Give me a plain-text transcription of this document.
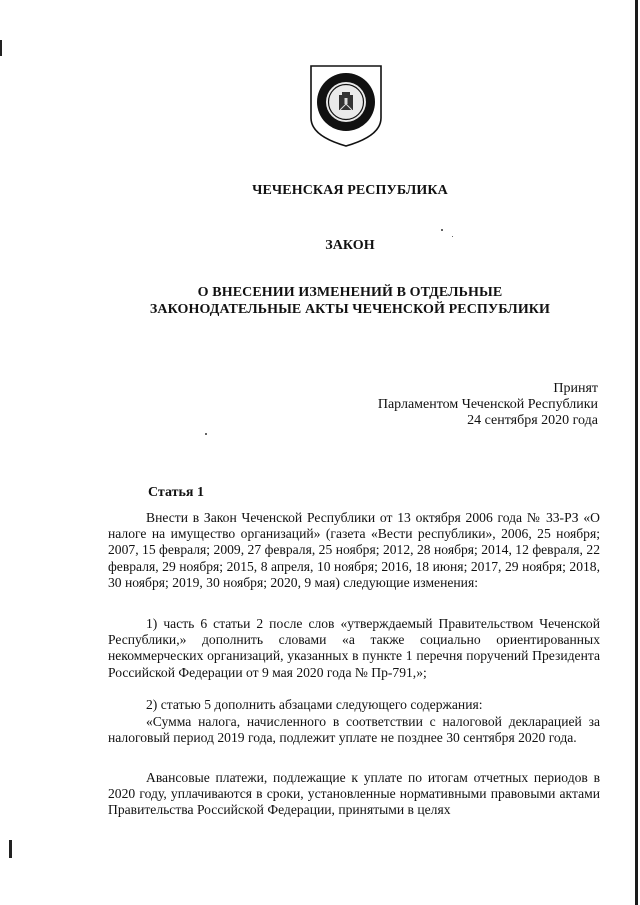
ЧЕЧЕНСКАЯ РЕСПУБЛИКА
ЗАКОН
О ВНЕСЕНИИ ИЗМЕНЕНИЙ В ОТДЕЛЬНЫЕ
ЗАКОНОДАТЕЛЬНЫЕ АКТЫ ЧЕЧЕНСКОЙ РЕСПУБЛИКИ
Принят
Парламентом Чеченской Республики
24 сентября 2020 года
Статья 1

Внести в Закон Чеченской Республики от 13 октября 2006 года № 33-РЗ «О налоге на имущество организаций» (газета «Вести республики», 2006, 25 ноября; 2007, 15 февраля; 2009, 27 февраля, 25 ноября; 2012, 28 ноября; 2014, 12 февраля, 22 февраля, 29 ноября; 2015, 8 апреля, 10 ноября; 2016, 18 июня; 2017, 29 ноября; 2018, 30 ноября; 2019, 30 ноября; 2020, 9 мая) следующие изменения:

1) часть 6 статьи 2 после слов «утверждаемый Правительством Чеченской Республики,» дополнить словами «а также социально ориентированных некоммерческих организаций, указанных в пункте 1 перечня поручений Президента Российской Федерации от 9 мая 2020 года № Пр-791,»;

2) статью 5 дополнить абзацами следующего содержания:

«Сумма налога, начисленного в соответствии с налоговой декларацией за налоговый период 2019 года, подлежит уплате не позднее 30 сентября 2020 года.

Авансовые платежи, подлежащие к уплате по итогам отчетных периодов в 2020 году, уплачиваются в сроки, установленные нормативными правовыми актами Правительства Российской Федерации, принятыми в целях
